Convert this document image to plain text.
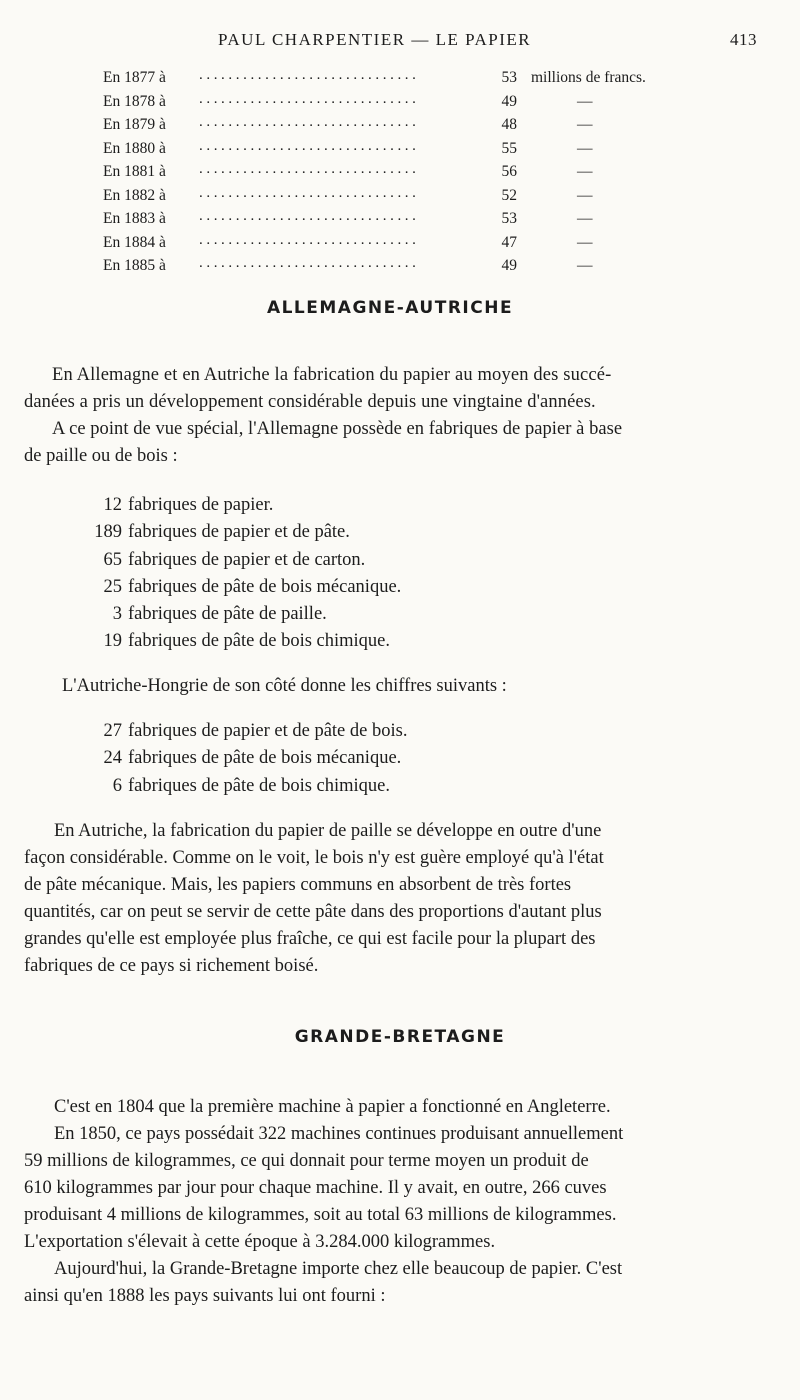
PAUL CHARPENTIER — LE PAPIER	413
En 1877 à ..............................	53 millions de francs.
En 1878 à ..............................	49	—
En 1879 à ..............................	48	—
En 1880 à ..............................	55	—
En 1881 à ..............................	56	—
En 1882 à ..............................	52	—
En 1883 à ..............................	53	—
En 1884 à ..............................	47	—
En 1885 à ..............................	49	—
ALLEMAGNE-AUTRICHE
En Allemagne et en Autriche la fabrication du papier au moyen des succé-
danées a pris un développement considérable depuis une vingtaine d'années.
A ce point de vue spécial, l'Allemagne possède en fabriques de papier à base
de paille ou de bois :
12 fabriques de papier.
189 fabriques de papier et de pâte.
65 fabriques de papier et de carton.
25 fabriques de pâte de bois mécanique.
3 fabriques de pâte de paille.
19 fabriques de pâte de bois chimique.
L'Autriche-Hongrie de son côté donne les chiffres suivants :
27 fabriques de papier et de pâte de bois.
24 fabriques de pâte de bois mécanique.
6 fabriques de pâte de bois chimique.
En Autriche, la fabrication du papier de paille se développe en outre d'une
façon considérable. Comme on le voit, le bois n'y est guère employé qu'à l'état
de pâte mécanique. Mais, les papiers communs en absorbent de très fortes
quantités, car on peut se servir de cette pâte dans des proportions d'autant plus
grandes qu'elle est employée plus fraîche, ce qui est facile pour la plupart des
fabriques de ce pays si richement boisé.
GRANDE-BRETAGNE
C'est en 1804 que la première machine à papier a fonctionné en Angleterre.
En 1850, ce pays possédait 322 machines continues produisant annuellement
59 millions de kilogrammes, ce qui donnait pour terme moyen un produit de
610 kilogrammes par jour pour chaque machine. Il y avait, en outre, 266 cuves
produisant 4 millions de kilogrammes, soit au total 63 millions de kilogrammes.
L'exportation s'élevait à cette époque à 3.284.000 kilogrammes.
Aujourd'hui, la Grande-Bretagne importe chez elle beaucoup de papier. C'est
ainsi qu'en 1888 les pays suivants lui ont fourni :
